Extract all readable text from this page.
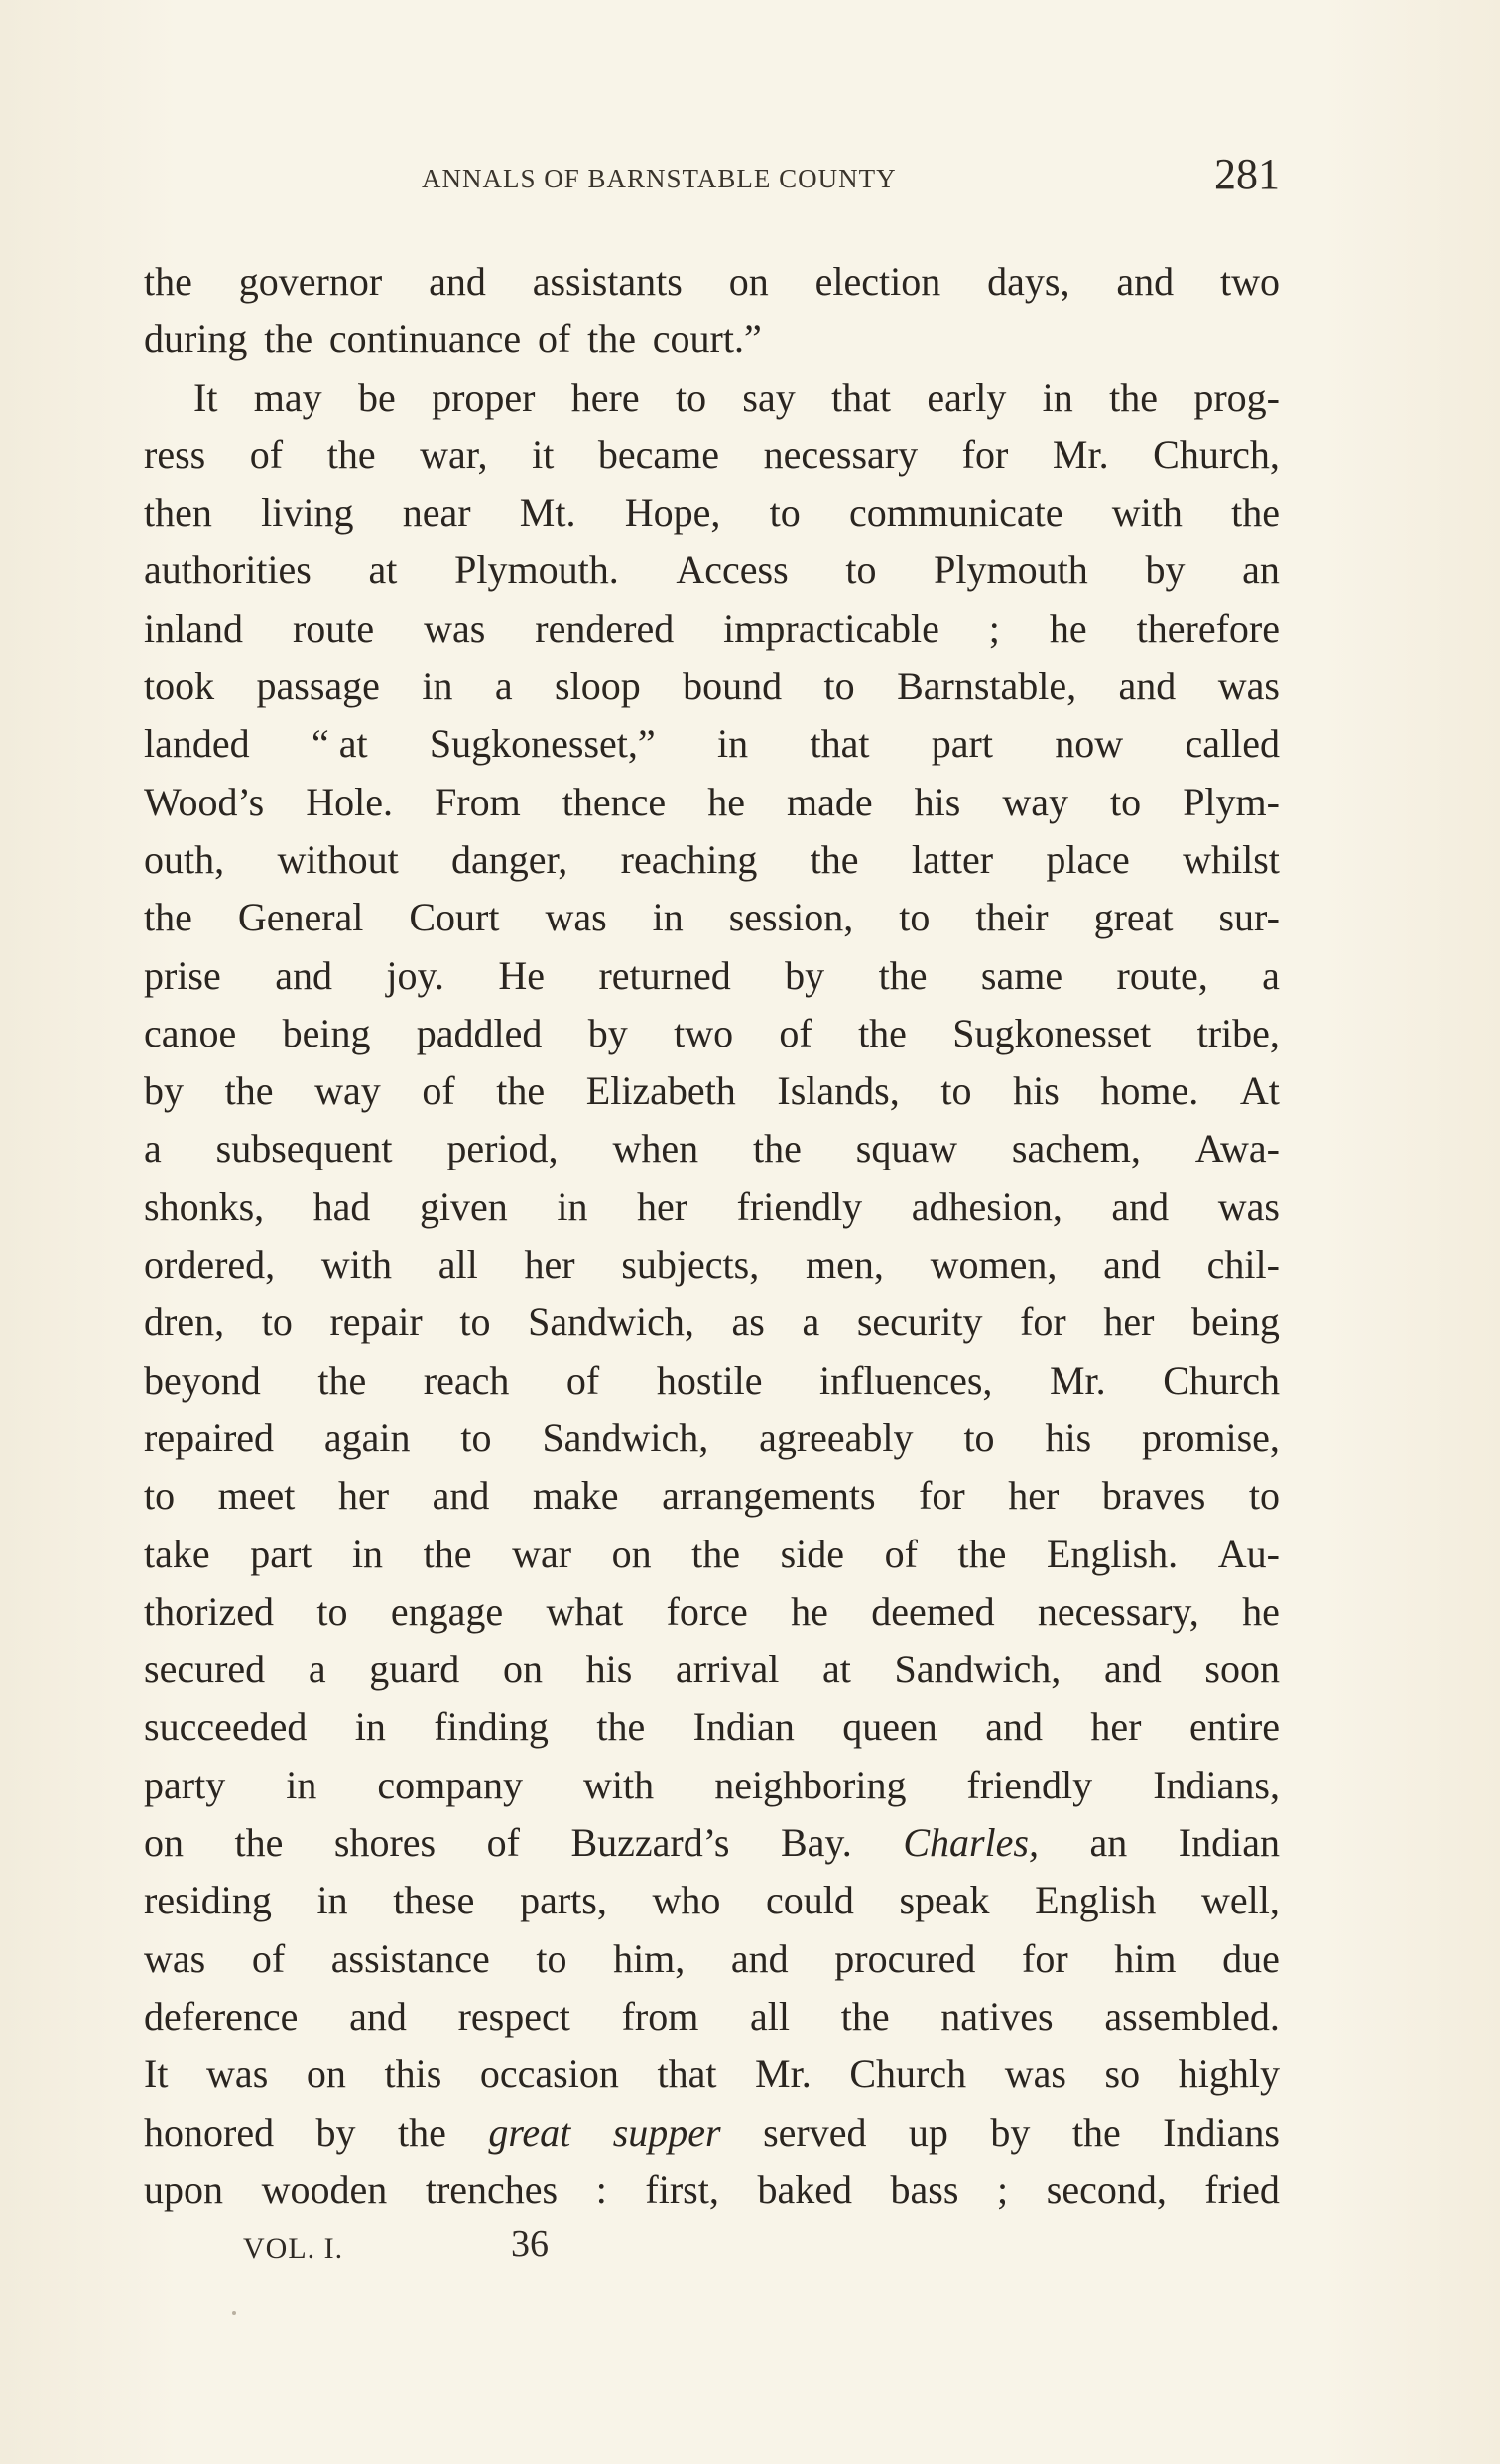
ANNALS OF BARNSTABLE COUNTY	281
the governor and assistants on election days, and two
during the continuance of the court.”
It may be proper here to say that early in the prog-
ress of the war, it became necessary for Mr. Church,
then living near Mt. Hope, to communicate with the
authorities at Plymouth. Access to Plymouth by an
inland route was rendered impracticable ; he therefore
took passage in a sloop bound to Barnstable, and was
landed “ at Sugkonesset,” in that part now called
Wood’s Hole. From thence he made his way to Plym-
outh, without danger, reaching the latter place whilst
the General Court was in session, to their great sur-
prise and joy. He returned by the same route, a
canoe being paddled by two of the Sugkonesset tribe,
by the way of the Elizabeth Islands, to his home. At
a subsequent period, when the squaw sachem, Awa-
shonks, had given in her friendly adhesion, and was
ordered, with all her subjects, men, women, and chil-
dren, to repair to Sandwich, as a security for her being
beyond the reach of hostile influences, Mr. Church
repaired again to Sandwich, agreeably to his promise,
to meet her and make arrangements for her braves to
take part in the war on the side of the English. Au-
thorized to engage what force he deemed necessary, he
secured a guard on his arrival at Sandwich, and soon
succeeded in finding the Indian queen and her entire
party in company with neighboring friendly Indians,
on the shores of Buzzard’s Bay. Charles, an Indian
residing in these parts, who could speak English well,
was of assistance to him, and procured for him due
deference and respect from all the natives assembled.
It was on this occasion that Mr. Church was so highly
honored by the great supper served up by the Indians
upon wooden trenches : first, baked bass ; second, fried
VOL. I.	36
